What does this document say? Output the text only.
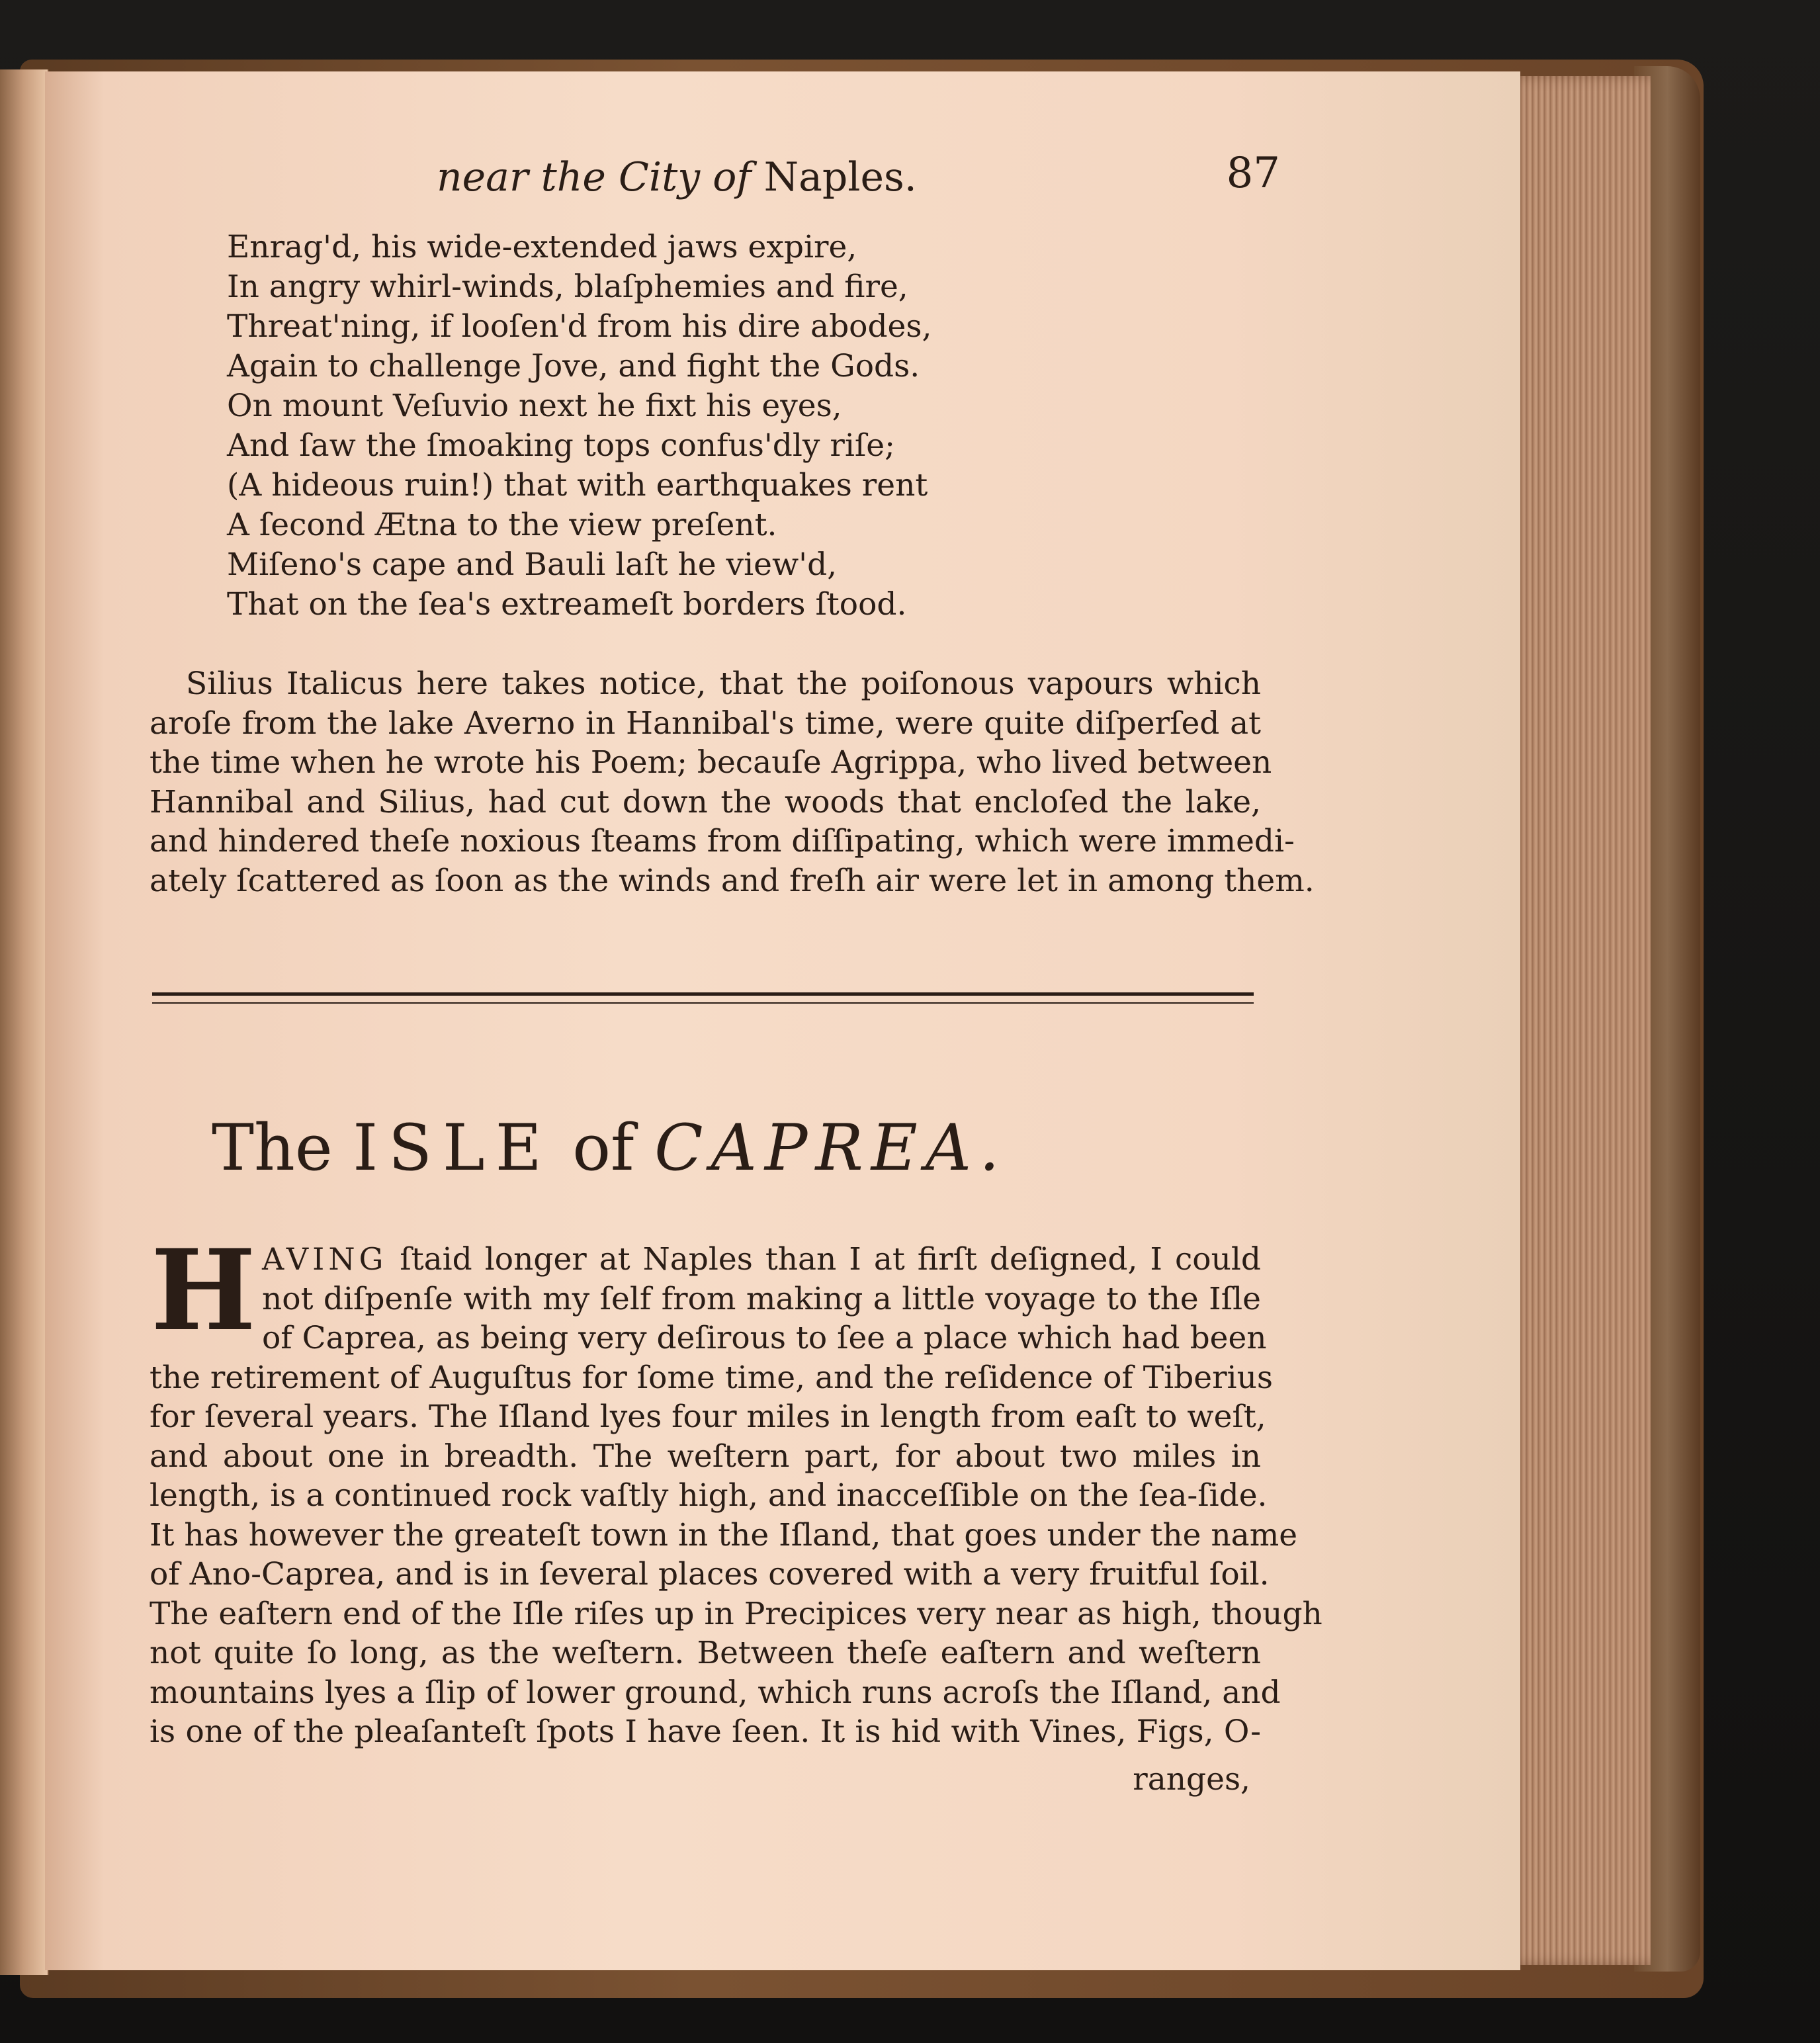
near the City of Naples.	87
Enrag'd, his wide-extended jaws expire,
In angry whirl-winds, blaſphemies and fire,
Threat'ning, if looſen'd from his dire abodes,
Again to challenge Jove, and fight the Gods.
On mount Veſuvio next he fixt his eyes,
And ſaw the ſmoaking tops confus'dly riſe;
(A hideous ruin!) that with earthquakes rent
A ſecond Ætna to the view preſent.
Miſeno's cape and Bauli laſt he view'd,
That on the ſea's extreameſt borders ſtood.
Silius Italicus here takes notice, that the poiſonous vapours which
aroſe from the lake Averno in Hannibal's time, were quite diſperſed at
the time when he wrote his Poem; becauſe Agrippa, who lived between
Hannibal and Silius, had cut down the woods that encloſed the lake,
and hindered theſe noxious ſteams from diſſipating, which were immedi-
ately ſcattered as ſoon as the winds and freſh air were let in among them.
The ISLE of CAPREA.
H AVING ſtaid longer at Naples than I at firſt deſigned, I could
not diſpenſe with my ſelf from making a little voyage to the Iſle
of Caprea, as being very deſirous to ſee a place which had been
the retirement of Auguſtus for ſome time, and the reſidence of Tiberius
for ſeveral years. The Iſland lyes four miles in length from eaſt to weſt,
and about one in breadth. The weſtern part, for about two miles in
length, is a continued rock vaſtly high, and inacceſſible on the ſea-ſide.
It has however the greateſt town in the Iſland, that goes under the name
of Ano-Caprea, and is in ſeveral places covered with a very fruitful ſoil.
The eaſtern end of the Iſle riſes up in Precipices very near as high, though
not quite ſo long, as the weſtern. Between theſe eaſtern and weſtern
mountains lyes a ſlip of lower ground, which runs acroſs the Iſland, and
is one of the pleaſanteſt ſpots I have ſeen. It is hid with Vines, Figs, O-
ranges,
